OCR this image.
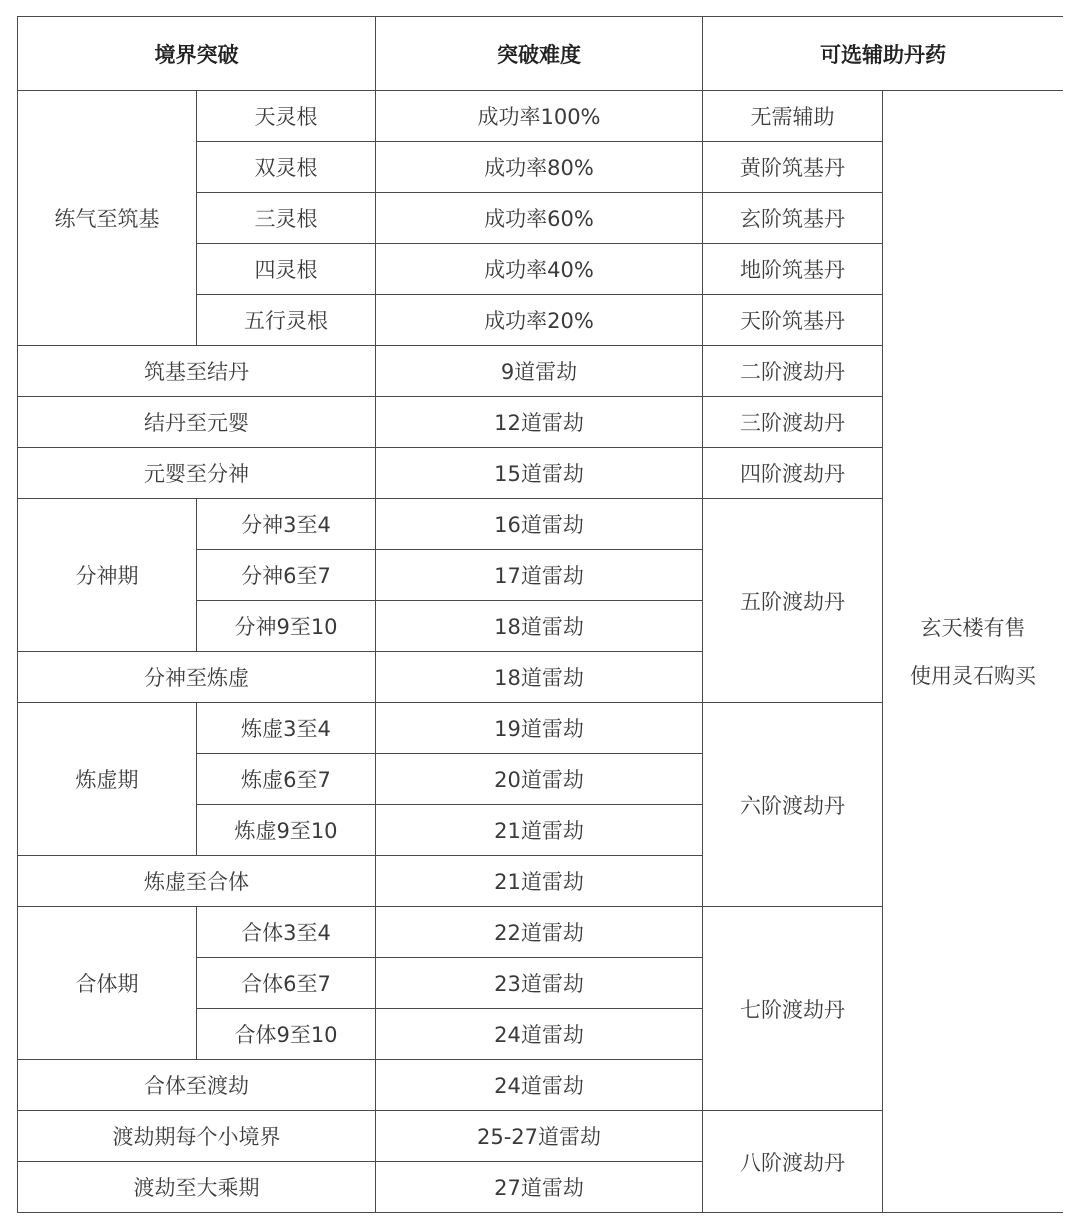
境界突破		突破难度	可选辅助丹药	
练气至筑基	天灵根	成功率100%	无需辅助	玄天楼有售
使用灵石购买

	双灵根	成功率80%	黄阶筑基丹	
	三灵根	成功率60%	玄阶筑基丹	
	四灵根	成功率40%	地阶筑基丹	
	五行灵根	成功率20%	天阶筑基丹	
筑基至结丹		9道雷劫	二阶渡劫丹	
结丹至元婴		12道雷劫	三阶渡劫丹	
元婴至分神		15道雷劫	四阶渡劫丹	
分神期	分神3至4	16道雷劫	五阶渡劫丹	
	分神6至7	17道雷劫		
	分神9至10	18道雷劫		
分神至炼虚		18道雷劫		
炼虚期	炼虚3至4	19道雷劫	六阶渡劫丹	
	炼虚6至7	20道雷劫		
	炼虚9至10	21道雷劫		
炼虚至合体		21道雷劫		
合体期	合体3至4	22道雷劫	七阶渡劫丹	
	合体6至7	23道雷劫		
	合体9至10	24道雷劫		
合体至渡劫		24道雷劫		
渡劫期每个小境界		25-27道雷劫	八阶渡劫丹	
渡劫至大乘期		27道雷劫		
